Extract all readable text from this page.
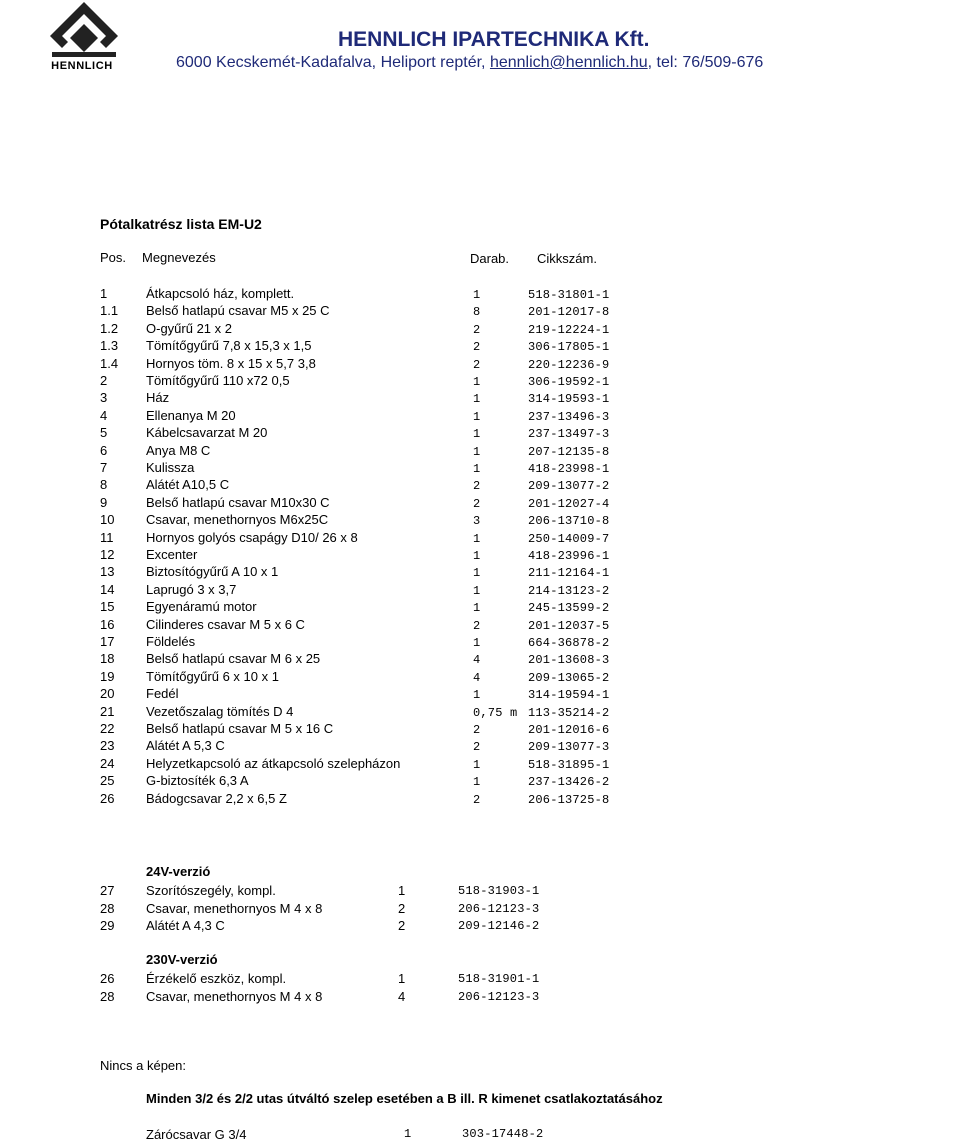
HENNLICH
HENNLICH IPARTECHNIKA Kft.
6000 Kecskemét-Kadafalva, Heliport reptér, hennlich@hennlich.hu, tel: 76/509-676
Pótalkatrész lista EM-U2
Pos. Megnevezés	Darab. Cikkszám.
1	Átkapcsoló ház, komplett.	1	518-31801-1
1.1 Belső hatlapú csavar M5 x 25 C	8	201-12017-8
1.2 O-gyűrű 21 x 2	2	219-12224-1
1.3 Tömítőgyűrű 7,8 x 15,3 x 1,5	2	306-17805-1
1.4 Hornyos töm. 8 x 15 x 5,7 3,8	2	220-12236-9
2	Tömítőgyűrű 110 x72 0,5	1	306-19592-1
3	Ház	1	314-19593-1
4	Ellenanya M 20	1	237-13496-3
5	Kábelcsavarzat M 20	1	237-13497-3
6	Anya M8 C	1	207-12135-8
7	Kulissza	1	418-23998-1
8	Alátét A10,5 C	2	209-13077-2
9	Belső hatlapú csavar M10x30 C	2	201-12027-4
10 Csavar, menethornyos M6x25C	3	206-13710-8
11	Hornyos golyós csapágy D10/ 26 x 8	1	250-14009-7
12 Excenter	1	418-23996-1
13 Biztosítógyűrű A 10 x 1	1	211-12164-1
14 Laprugó 3 x 3,7	1	214-13123-2
15 Egyenáramú motor	1	245-13599-2
16 Cilinderes csavar M 5 x 6 C	2	201-12037-5
17 Földelés	1	664-36878-2
18 Belső hatlapú csavar M 6 x 25	4	201-13608-3
19 Tömítőgyűrű 6 x 10 x 1	4	209-13065-2
20 Fedél	1	314-19594-1
21 Vezetőszalag tömítés D 4	0,75 m 113-35214-2
22 Belső hatlapú csavar M 5 x 16 C	2	201-12016-6
23 Alátét A 5,3 C	2	209-13077-3
24 Helyzetkapcsoló az átkapcsoló szelepházon	1	518-31895-1
25 G-biztosíték 6,3 A	1	237-13426-2
26 Bádogcsavar 2,2 x 6,5 Z	2	206-13725-8
24V-verzió
27 Szorítószegély, kompl.	1	518-31903-1
28 Csavar, menethornyos M 4 x 8	2	206-12123-3
29 Alátét A 4,3 C	2	209-12146-2
230V-verzió
26 Érzékelő eszköz, kompl.	1	518-31901-1
28 Csavar, menethornyos M 4 x 8	4	206-12123-3
Nincs a képen:
Minden 3/2 és 2/2 utas útváltó szelep esetében a B ill. R kimenet csatlakoztatásához
Zárócsavar G 3/4	1	303-17448-2
